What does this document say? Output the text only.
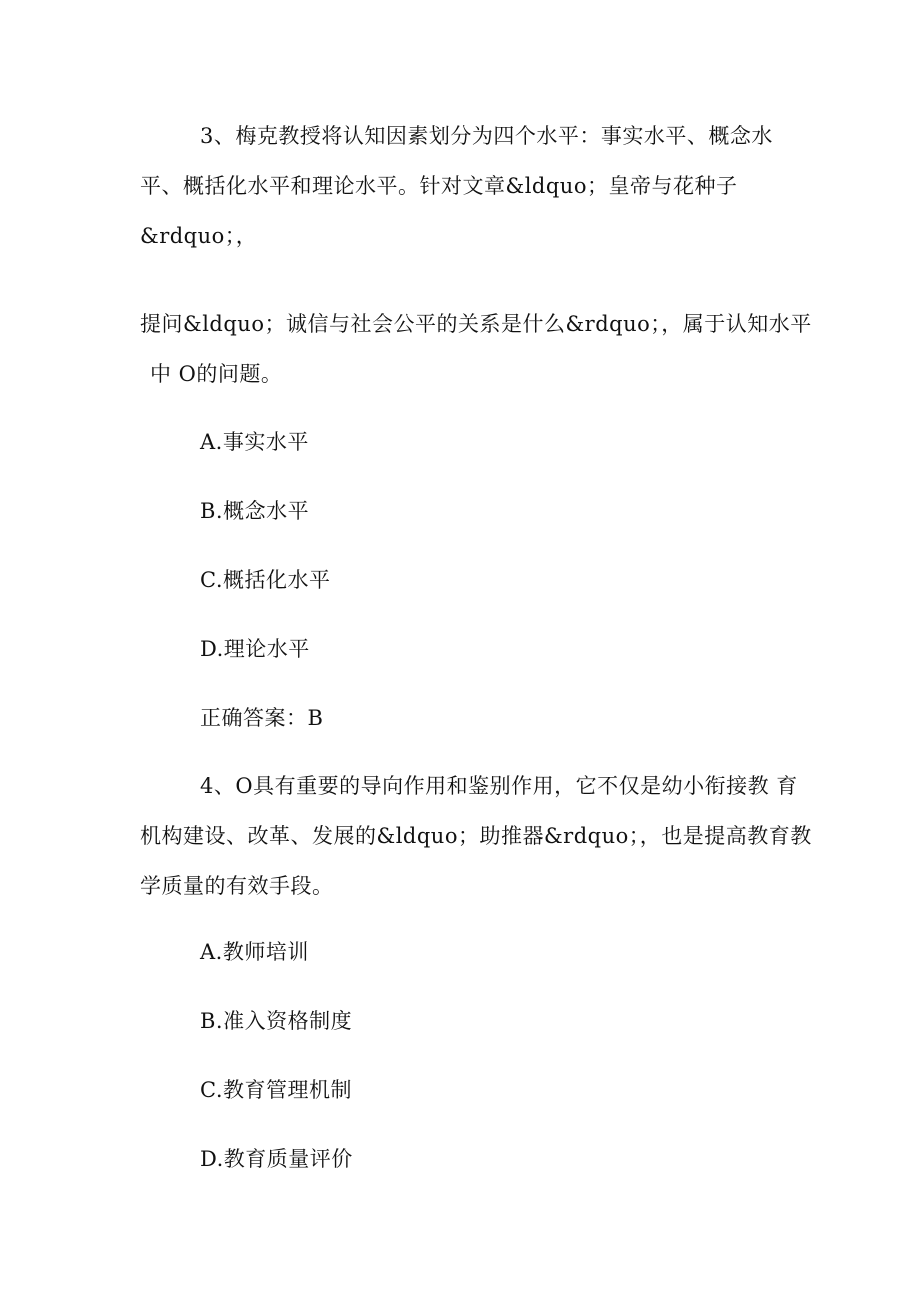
3、梅克教授将认知因素划分为四个水平：事实水平、概念水
平、概括化水平和理论水平。针对文章&ldquo；皇帝与花种子
&rdquo；，
提问&ldquo；诚信与社会公平的关系是什么&rdquo；，属于认知水平
中 O的问题。
A.事实水平
B.概念水平
C.概括化水平
D.理论水平
正确答案：B
4、O具有重要的导向作用和鉴别作用，它不仅是幼小衔接教 育
机构建设、改革、发展的&ldquo；助推器&rdquo；，也是提高教育教
学质量的有效手段。
A.教师培训
B.准入资格制度
C.教育管理机制
D.教育质量评价
